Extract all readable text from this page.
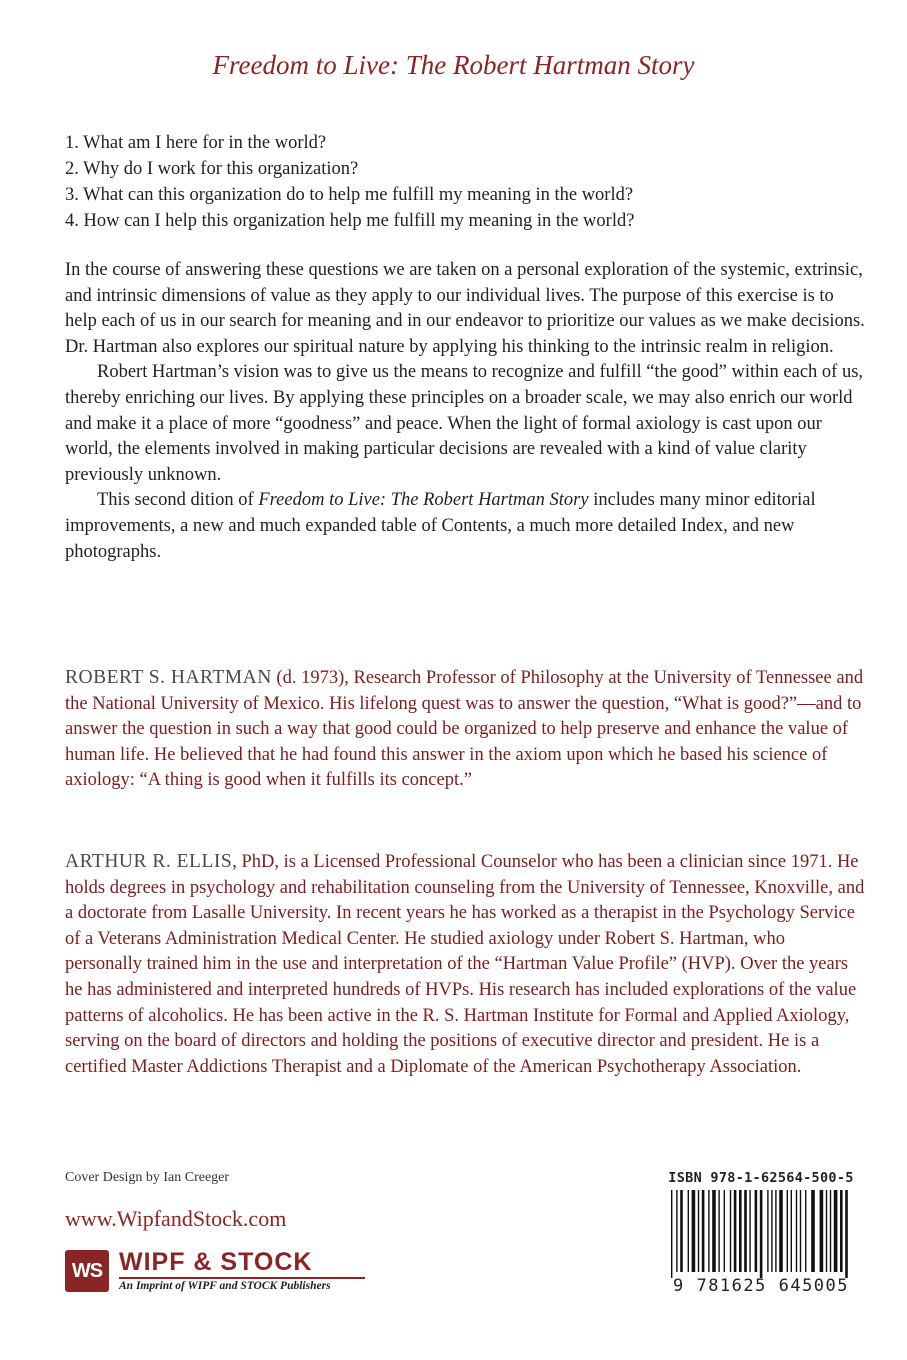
Freedom to Live: The Robert Hartman Story
1. What am I here for in the world?
2. Why do I work for this organization?
3. What can this organization do to help me fulfill my meaning in the world?
4. How can I help this organization help me fulfill my meaning in the world?

In the course of answering these questions we are taken on a personal exploration of the systemic, extrinsic, and intrinsic dimensions of value as they apply to our individual lives. The purpose of this exercise is to help each of us in our search for meaning and in our endeavor to prioritize our values as we make decisions. Dr. Hartman also explores our spiritual nature by applying his thinking to the intrinsic realm in religion.

Robert Hartman’s vision was to give us the means to recognize and fulfill “the good” within each of us, thereby enriching our lives. By applying these principles on a broader scale, we may also enrich our world and make it a place of more “goodness” and peace. When the light of formal axiology is cast upon our world, the elements involved in making particular decisions are revealed with a kind of value clarity previously unknown.

This second dition of Freedom to Live: The Robert Hartman Story includes many minor editorial improvements, a new and much expanded table of Contents, a much more detailed Index, and new photographs.

ROBERT S. HARTMAN (d. 1973), Research Professor of Philosophy at the University of Tennessee and the National University of Mexico. His lifelong quest was to answer the question, “What is good?”—and to answer the question in such a way that good could be organized to help preserve and enhance the value of human life. He believed that he had found this answer in the axiom upon which he based his science of axiology: “A thing is good when it fulfills its concept.”

ARTHUR R. ELLIS, PhD, is a Licensed Professional Counselor who has been a clinician since 1971. He holds degrees in psychology and rehabilitation counseling from the University of Tennessee, Knoxville, and a doctorate from Lasalle University. In recent years he has worked as a therapist in the Psychology Service of a Veterans Administration Medical Center. He studied axiology under Robert S. Hartman, who personally trained him in the use and interpretation of the “Hartman Value Profile” (HVP). Over the years he has administered and interpreted hundreds of HVPs. His research has included explorations of the value patterns of alcoholics. He has been active in the R. S. Hartman Institute for Formal and Applied Axiology, serving on the board of directors and holding the positions of executive director and president. He is a certified Master Addictions Therapist and a Diplomate of the American Psychotherapy Association.

Cover Design by Ian Creeger
www.WipfandStock.com
WS WIPF & STOCK
An Imprint of WIPF and STOCK Publishers
ISBN 978-1-62564-500-5
9 781625 645005
